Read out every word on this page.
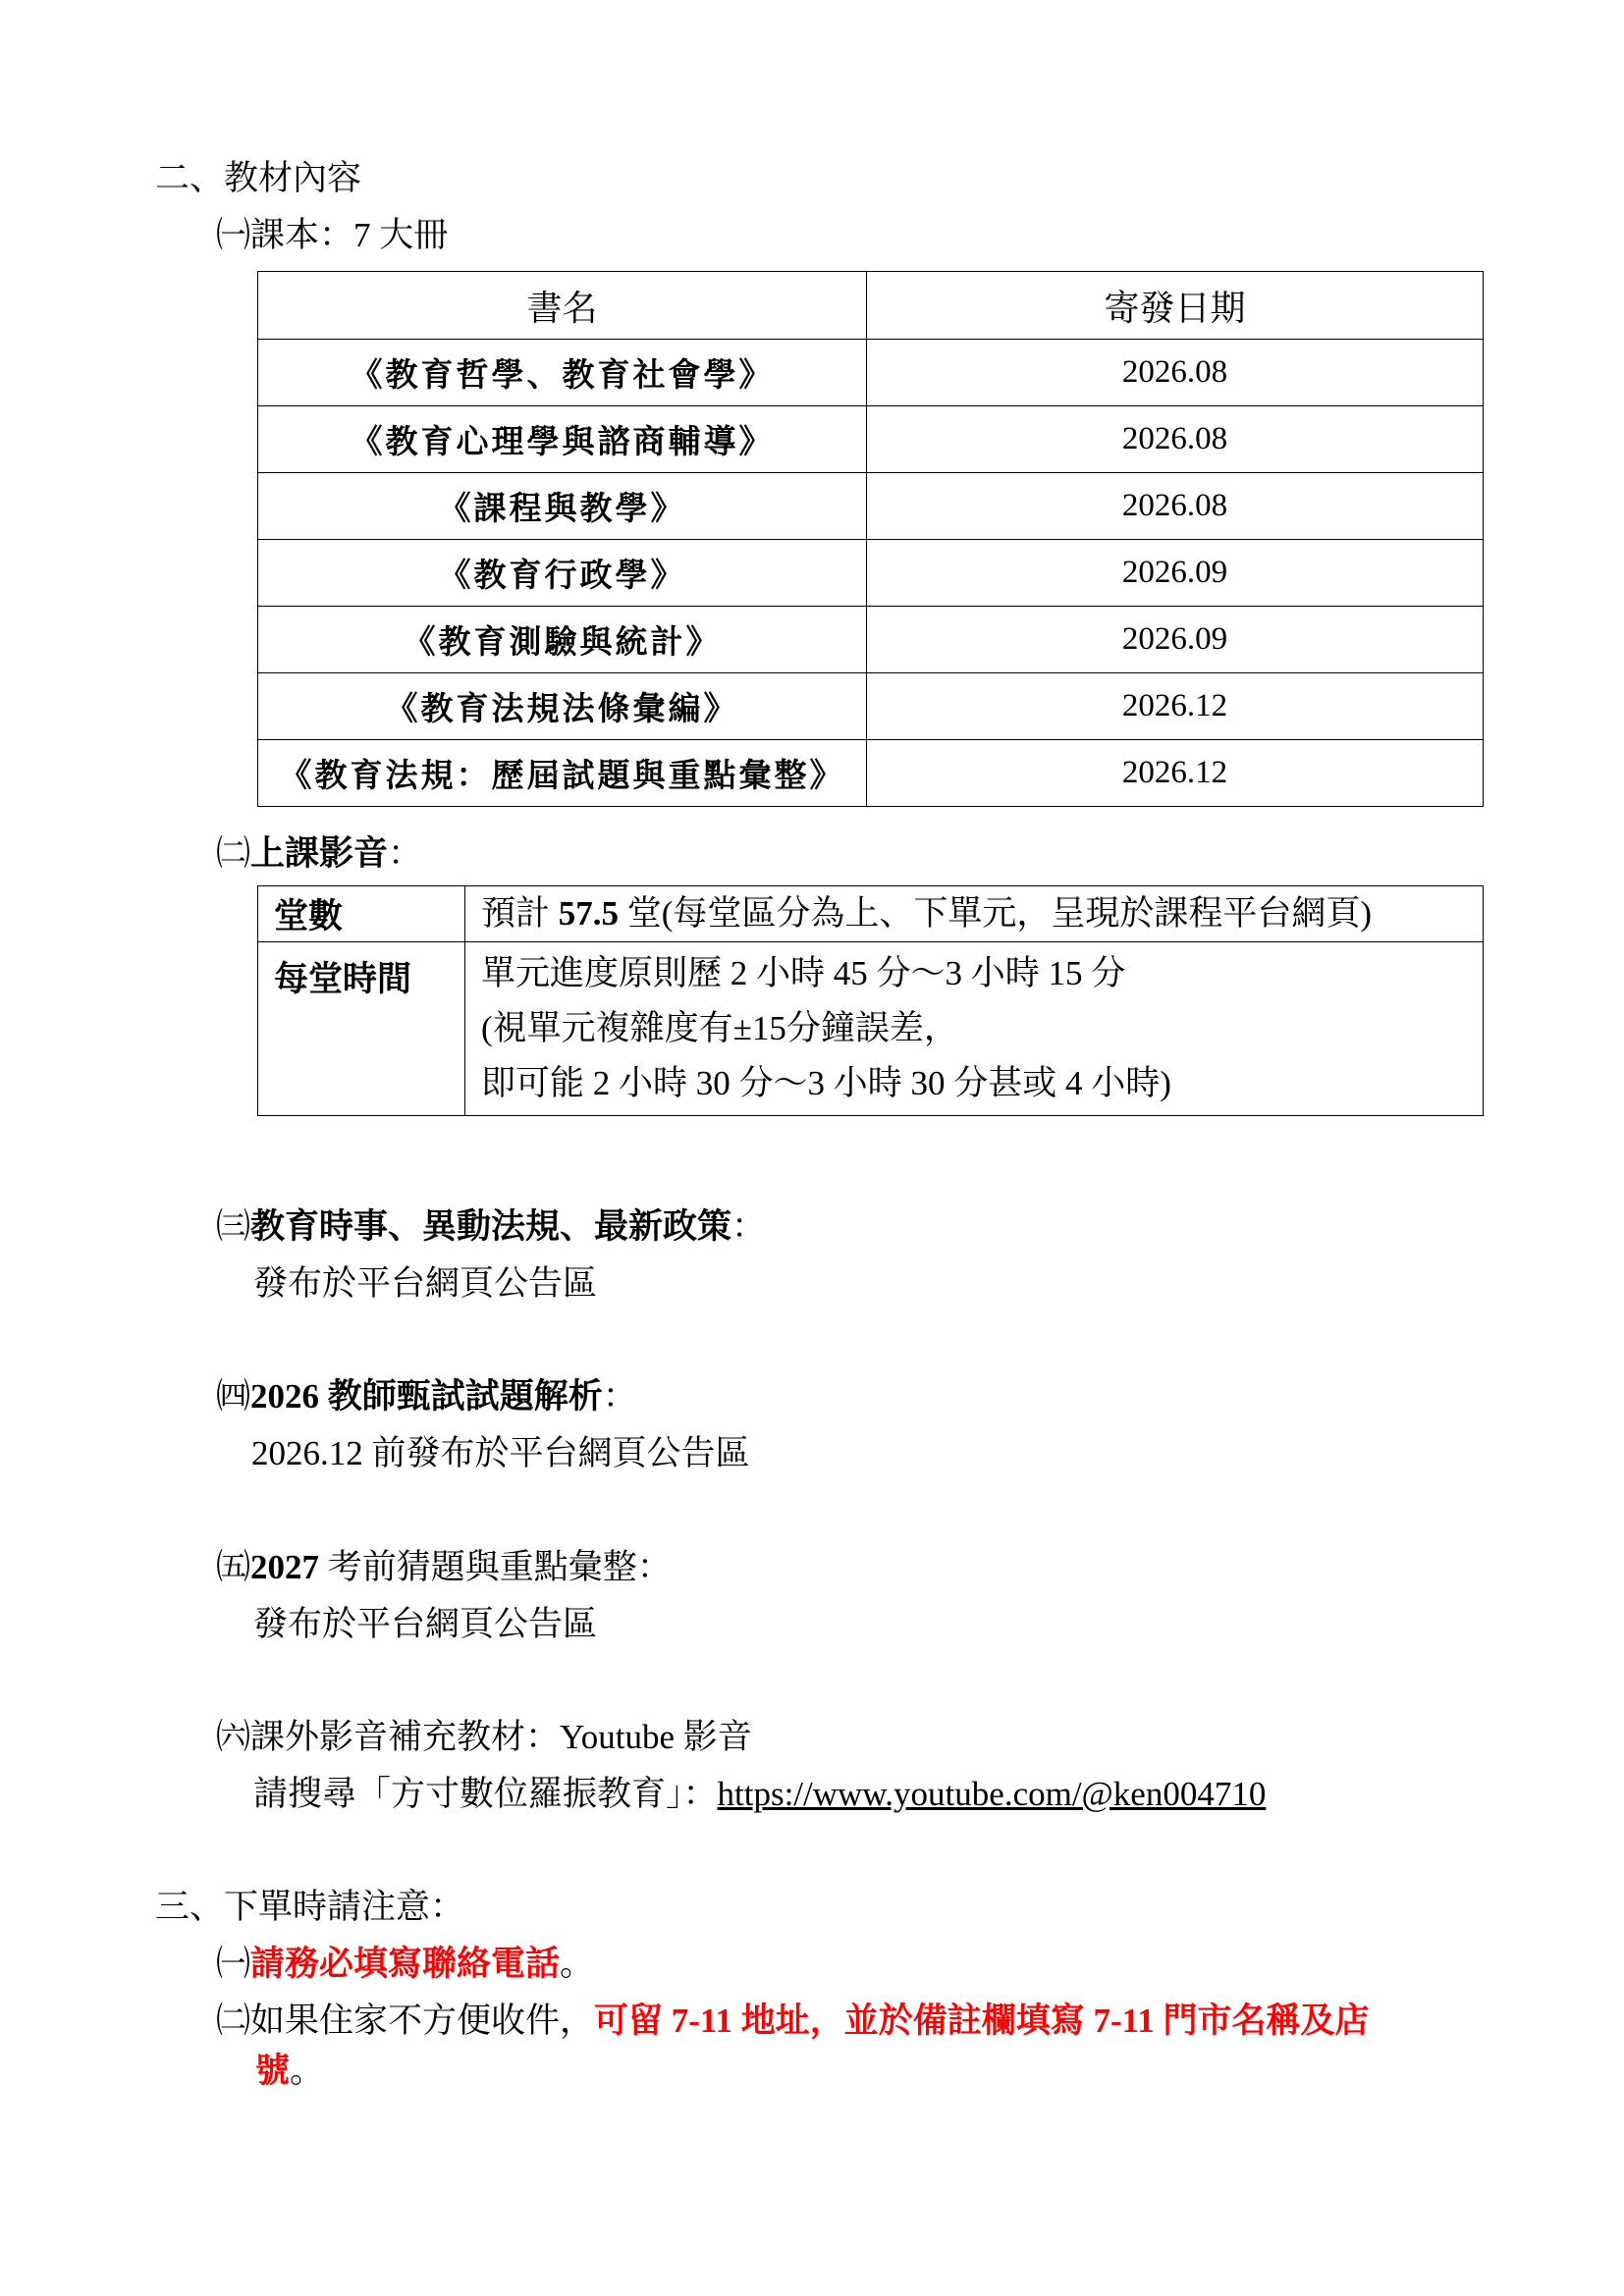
二、教材內容
㈠課本：7 大冊
書名	寄發日期
《教育哲學、教育社會學》	2026.08
《教育心理學與諮商輔導》	2026.08
《課程與教學》	2026.08
《教育行政學》	2026.09
《教育測驗與統計》	2026.09
《教育法規法條彙編》	2026.12
《教育法規：歷屆試題與重點彙整》	2026.12
㈡上課影音：
堂數	預計 57.5 堂(每堂區分為上、下單元，呈現於課程平台網頁)
每堂時間	單元進度原則歷 2 小時 45 分～3 小時 15 分
(視單元複雜度有±15分鐘誤差，
即可能 2 小時 30 分～3 小時 30 分甚或 4 小時)
㈢教育時事、異動法規、最新政策：
發布於平台網頁公告區
㈣2026 教師甄試試題解析：
2026.12 前發布於平台網頁公告區
㈤2027 考前猜題與重點彙整：
發布於平台網頁公告區
㈥課外影音補充教材：Youtube 影音
請搜尋「方寸數位羅振教育」：https://www.youtube.com/@ken004710
三、下單時請注意：
㈠請務必填寫聯絡電話。
㈡如果住家不方便收件，可留 7-11 地址，並於備註欄填寫 7-11 門市名稱及店
號。
